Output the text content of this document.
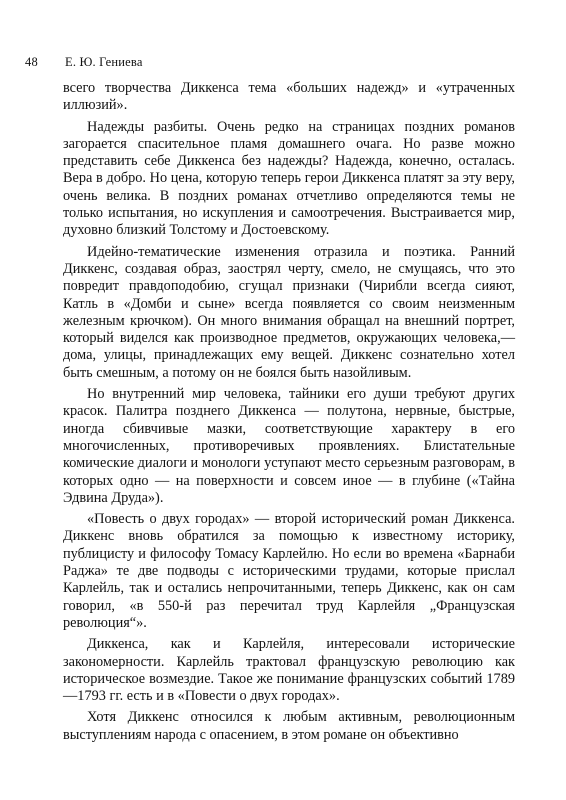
48 Е. Ю. Гениева

всего творчества Диккенса тема «больших надежд» и «утраченных иллюзий».

Надежды разбиты. Очень редко на страницах поздних романов загорается спасительное пламя домашнего очага. Но разве можно представить себе Диккенса без надежды? Надежда, конечно, осталась. Вера в добро. Но цена, которую теперь герои Диккенса платят за эту веру, очень велика. В поздних романах отчетливо определяются темы не только испытания, но искупления и самоотречения. Выстраивается мир, духовно близкий Толстому и Достоевскому.

Идейно-тематические изменения отразила и поэтика. Ранний Диккенс, создавая образ, заострял черту, смело, не смущаясь, что это повредит правдоподобию, сгущал признаки (Чирибли всегда сияют, Катль в «Домби и сыне» всегда появляется со своим неизменным железным крючком). Он много внимания обращал на внешний портрет, который виделся как производное предметов, окружающих человека,— дома, улицы, принадлежащих ему вещей. Диккенс сознательно хотел быть смешным, а потому он не боялся быть назойливым.

Но внутренний мир человека, тайники его души требуют других красок. Палитра позднего Диккенса — полутона, нервные, быстрые, иногда сбивчивые мазки, соответствующие характеру в его многочисленных, противоречивых проявлениях. Блистательные комические диалоги и монологи уступают место серьезным разговорам, в которых одно — на поверхности и совсем иное — в глубине («Тайна Эдвина Друда»).

«Повесть о двух городах» — второй исторический роман Диккенса. Диккенс вновь обратился за помощью к известному историку, публицисту и философу Томасу Карлейлю. Но если во времена «Барнаби Раджа» те две подводы с историческими трудами, которые прислал Карлейль, так и остались непрочитанными, теперь Диккенс, как он сам говорил, «в 550-й раз перечитал труд Карлейля „Французская революция“».

Диккенса, как и Карлейля, интересовали исторические закономерности. Карлейль трактовал французскую революцию как историческое возмездие. Такое же понимание французских событий 1789—1793 гг. есть и в «Повести о двух городах».

Хотя Диккенс относился к любым активным, революционным выступлениям народа с опасением, в этом романе он объективно
